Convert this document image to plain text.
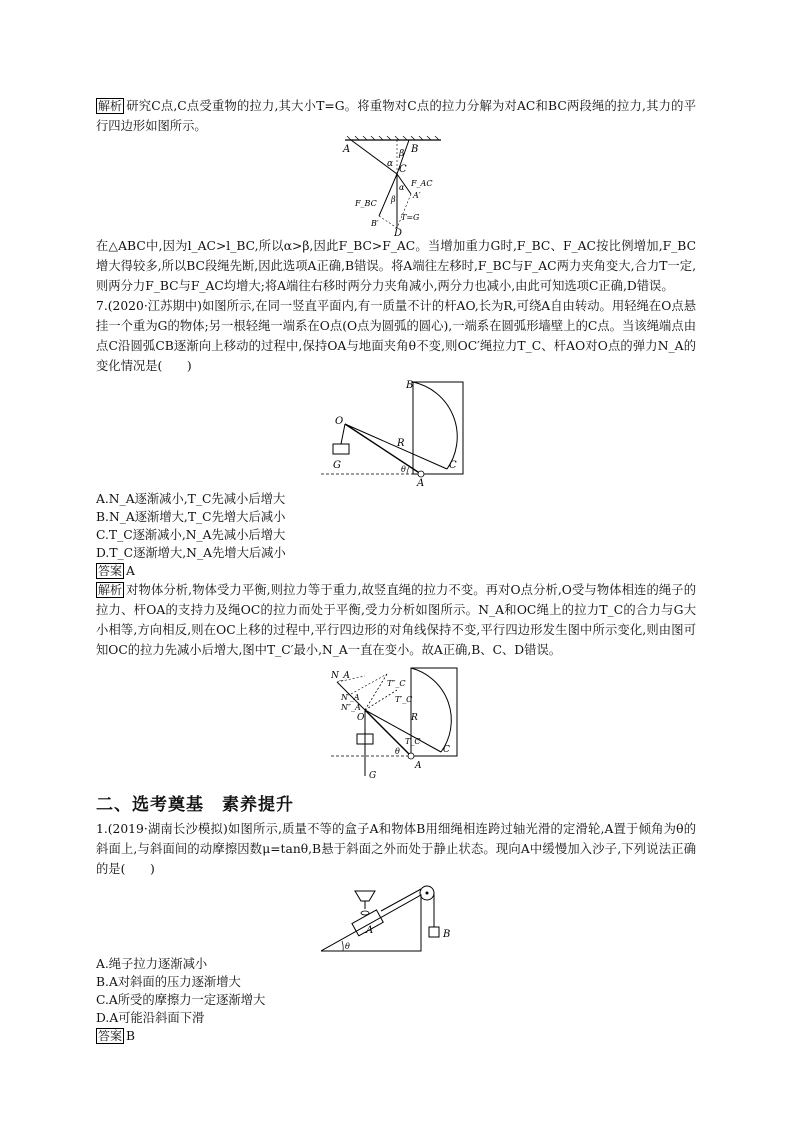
解析 研究C点,C点受重物的拉力,其大小T=G。将重物对C点的拉力分解为对AC和BC两段绳的拉力,其力的平行四边形如图所示。

A	B
C
D
α
β
α
β
F_AC
A′
F_BC
B′
T=G

在△ABC中,因为l_AC>l_BC,所以α>β,因此F_BC>F_AC。当增加重力G时,F_BC、F_AC按比例增加,F_BC增大得较多,所以BC段绳先断,因此选项A正确,B错误。将A端往左移时,F_BC与F_AC两力夹角变大,合力T一定,则两分力F_BC与F_AC均增大;将A端往右移时两分力夹角减小,两分力也减小,由此可知选项C正确,D错误。

7.(2020·江苏期中)如图所示,在同一竖直平面内,有一质量不计的杆AO,长为R,可绕A自由转动。用轻绳在O点悬挂一个重为G的物体;另一根轻绳一端系在O点(O点为圆弧的圆心),一端系在圆弧形墙壁上的C点。当该绳端点由点C沿圆弧CB逐渐向上移动的过程中,保持OA与地面夹角θ不变,则OC′绳拉力T_C、杆AO对O点的弹力N_A的变化情况是(　　)

B
O
R
C
G	θ
A

A.N_A逐渐减小,T_C先减小后增大

B.N_A逐渐增大,T_C先增大后减小

C.T_C逐渐减小,N_A先减小后增大

D.T_C逐渐增大,N_A先增大后减小

答案 A

解析 对物体分析,物体受力平衡,则拉力等于重力,故竖直绳的拉力不变。再对O点分析,O受与物体相连的绳子的拉力、杆OA的支持力及绳OC的拉力而处于平衡,受力分析如图所示。N_A和OC绳上的拉力T_C的合力与G大小相等,方向相反,则在OC上移的过程中,平行四边形的对角线保持不变,平行四边形发生图中所示变化,则由图可知OC的拉力先减小后增大,图中T_C′最小,N_A一直在变小。故A正确,B、C、D错误。

N_A
N′_A
N″_A
O
T″_C
T′_C
R
T_C
C
G
θ
A
二、选考奠基 素养提升

1.(2019·湖南长沙模拟)如图所示,质量不等的盒子A和物体B用细绳相连跨过轴光滑的定滑轮,A置于倾角为θ的斜面上,与斜面间的动摩擦因数μ=tanθ,B悬于斜面之外而处于静止状态。现向A中缓慢加入沙子,下列说法正确的是(　　)

A	B
θ

A.绳子拉力逐渐减小

B.A对斜面的压力逐渐增大

C.A所受的摩擦力一定逐渐增大

D.A可能沿斜面下滑

答案 B
